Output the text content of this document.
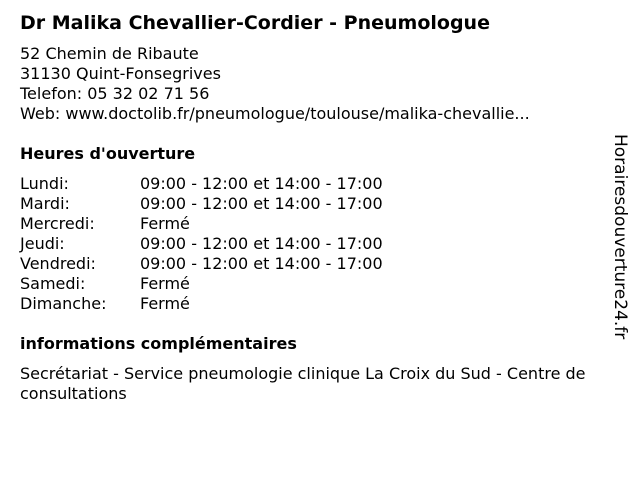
Dr Malika Chevallier-Cordier - Pneumologue
52 Chemin de Ribaute
31130 Quint-Fonsegrives
Telefon: 05 32 02 71 56
Web: www.doctolib.fr/pneumologue/toulouse/malika-chevallie...
Heures d'ouverture
Lundi:	09:00 - 12:00 et 14:00 - 17:00
Mardi:	09:00 - 12:00 et 14:00 - 17:00
Mercredi:	Fermé
Jeudi:	09:00 - 12:00 et 14:00 - 17:00
Vendredi:	09:00 - 12:00 et 14:00 - 17:00
Samedi:	Fermé
Dimanche:	Fermé
informations complémentaires
Secrétariat - Service pneumologie clinique La Croix du Sud - Centre de consultations
Horairesdouverture24.fr
